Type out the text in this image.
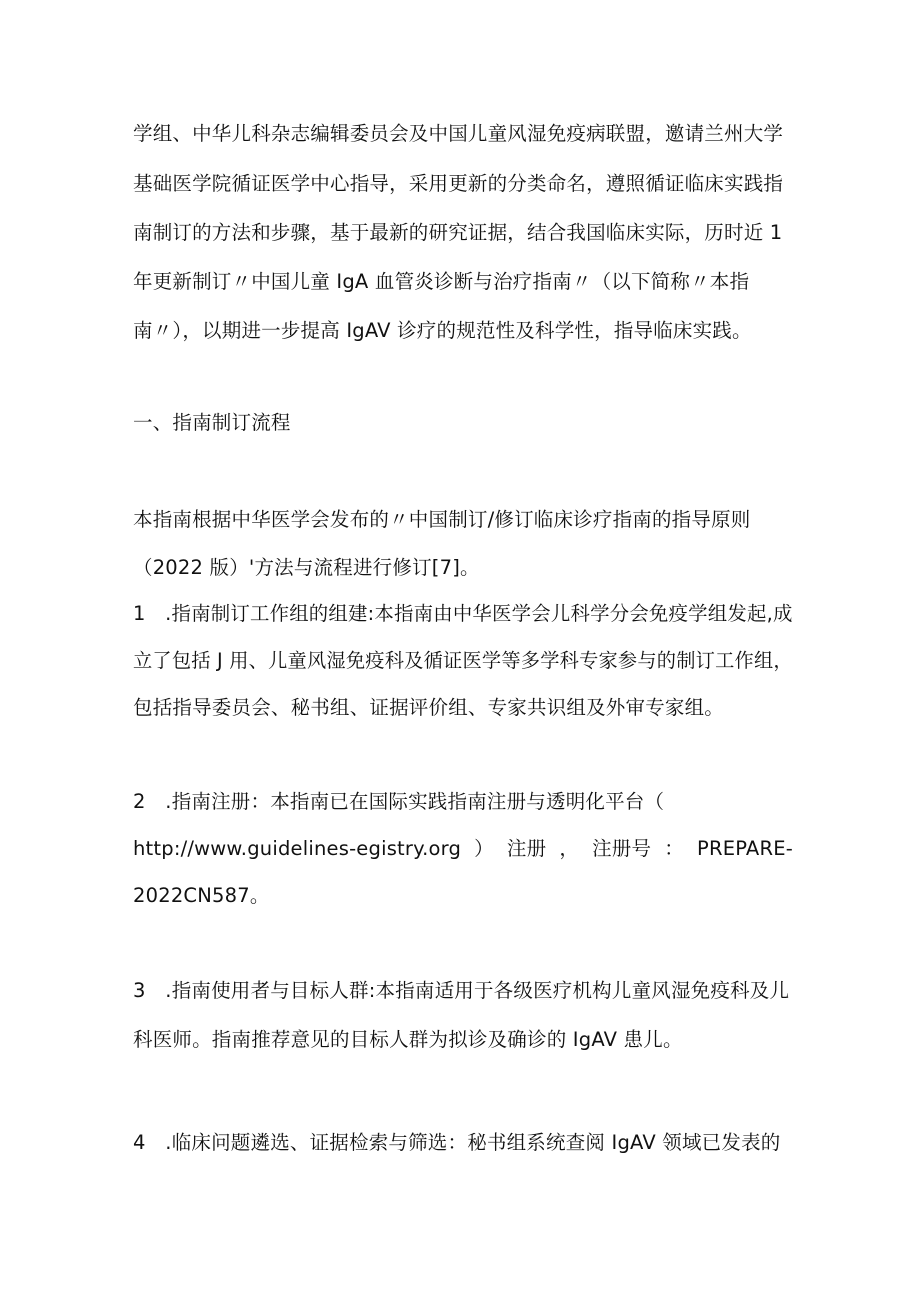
学组、中华儿科杂志编辑委员会及中国儿童风湿免疫病联盟，邀请兰州大学
基础医学院循证医学中心指导，采用更新的分类命名，遵照循证临床实践指
南制订的方法和步骤，基于最新的研究证据，结合我国临床实际，历时近 1
年更新制订〃中国儿童 IgA 血管炎诊断与治疗指南〃（以下简称〃本指
南〃），以期进一步提高 IgAV 诊疗的规范性及科学性，指导临床实践。
一、指南制订流程
本指南根据中华医学会发布的〃中国制订/修订临床诊疗指南的指导原则
（2022 版）'方法与流程进行修订[7]。
1　.指南制订工作组的组建:本指南由中华医学会儿科学分会免疫学组发起,成
立了包括 J 用、儿童风湿免疫科及循证医学等多学科专家参与的制订工作组，
包括指导委员会、秘书组、证据评价组、专家共识组及外审专家组。
2　.指南注册：本指南已在国际实践指南注册与透明化平台（
http://www.guidelines-egistry.org ） 注册 ， 注册号 ： PREPARE-
2022CN587。
3　.指南使用者与目标人群:本指南适用于各级医疗机构儿童风湿免疫科及儿
科医师。指南推荐意见的目标人群为拟诊及确诊的 IgAV 患儿。
4　.临床问题遴选、证据检索与筛选：秘书组系统查阅 IgAV 领域已发表的
